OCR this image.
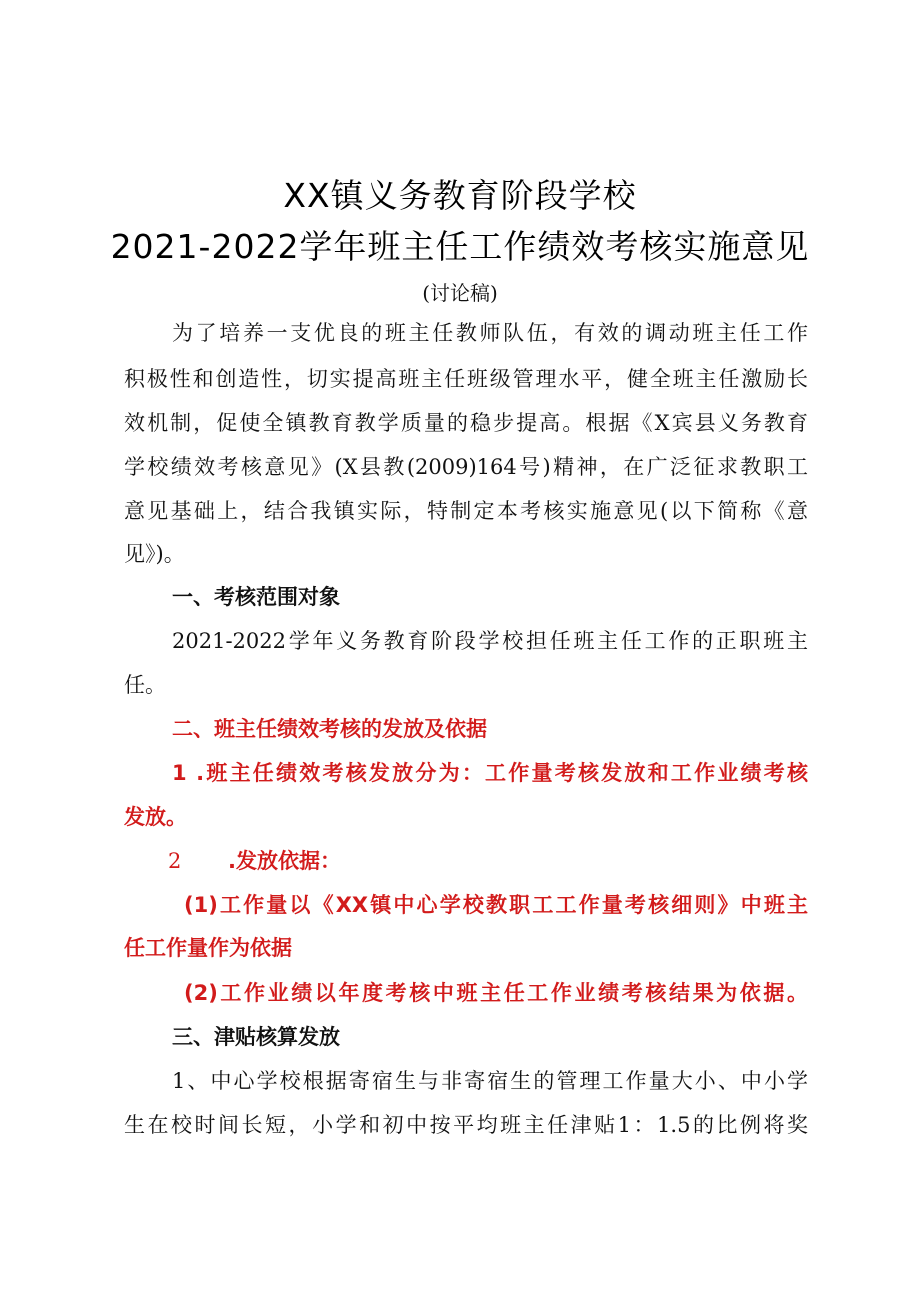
XX镇义务教育阶段学校
2021-2022学年班主任工作绩效考核实施意见
(讨论稿)
为了培养一支优良的班主任教师队伍，有效的调动班主任工作
积极性和创造性，切实提高班主任班级管理水平，健全班主任激励长
效机制，促使全镇教育教学质量的稳步提高。根据《X宾县义务教育
学校绩效考核意见》(X县教(2009)164号)精神，在广泛征求教职工
意见基础上，结合我镇实际，特制定本考核实施意见(以下简称《意
见》)。
一、考核范围对象
2021-2022学年义务教育阶段学校担任班主任工作的正职班主
任。
二、班主任绩效考核的发放及依据
1 .班主任绩效考核发放分为：工作量考核发放和工作业绩考核
发放。
2	.发放依据：
(1)工作量以《XX镇中心学校教职工工作量考核细则》中班主
任工作量作为依据
(2)工作业绩以年度考核中班主任工作业绩考核结果为依据。
三、津贴核算发放
1、中心学校根据寄宿生与非寄宿生的管理工作量大小、中小学
生在校时间长短，小学和初中按平均班主任津贴1：1.5的比例将奖
